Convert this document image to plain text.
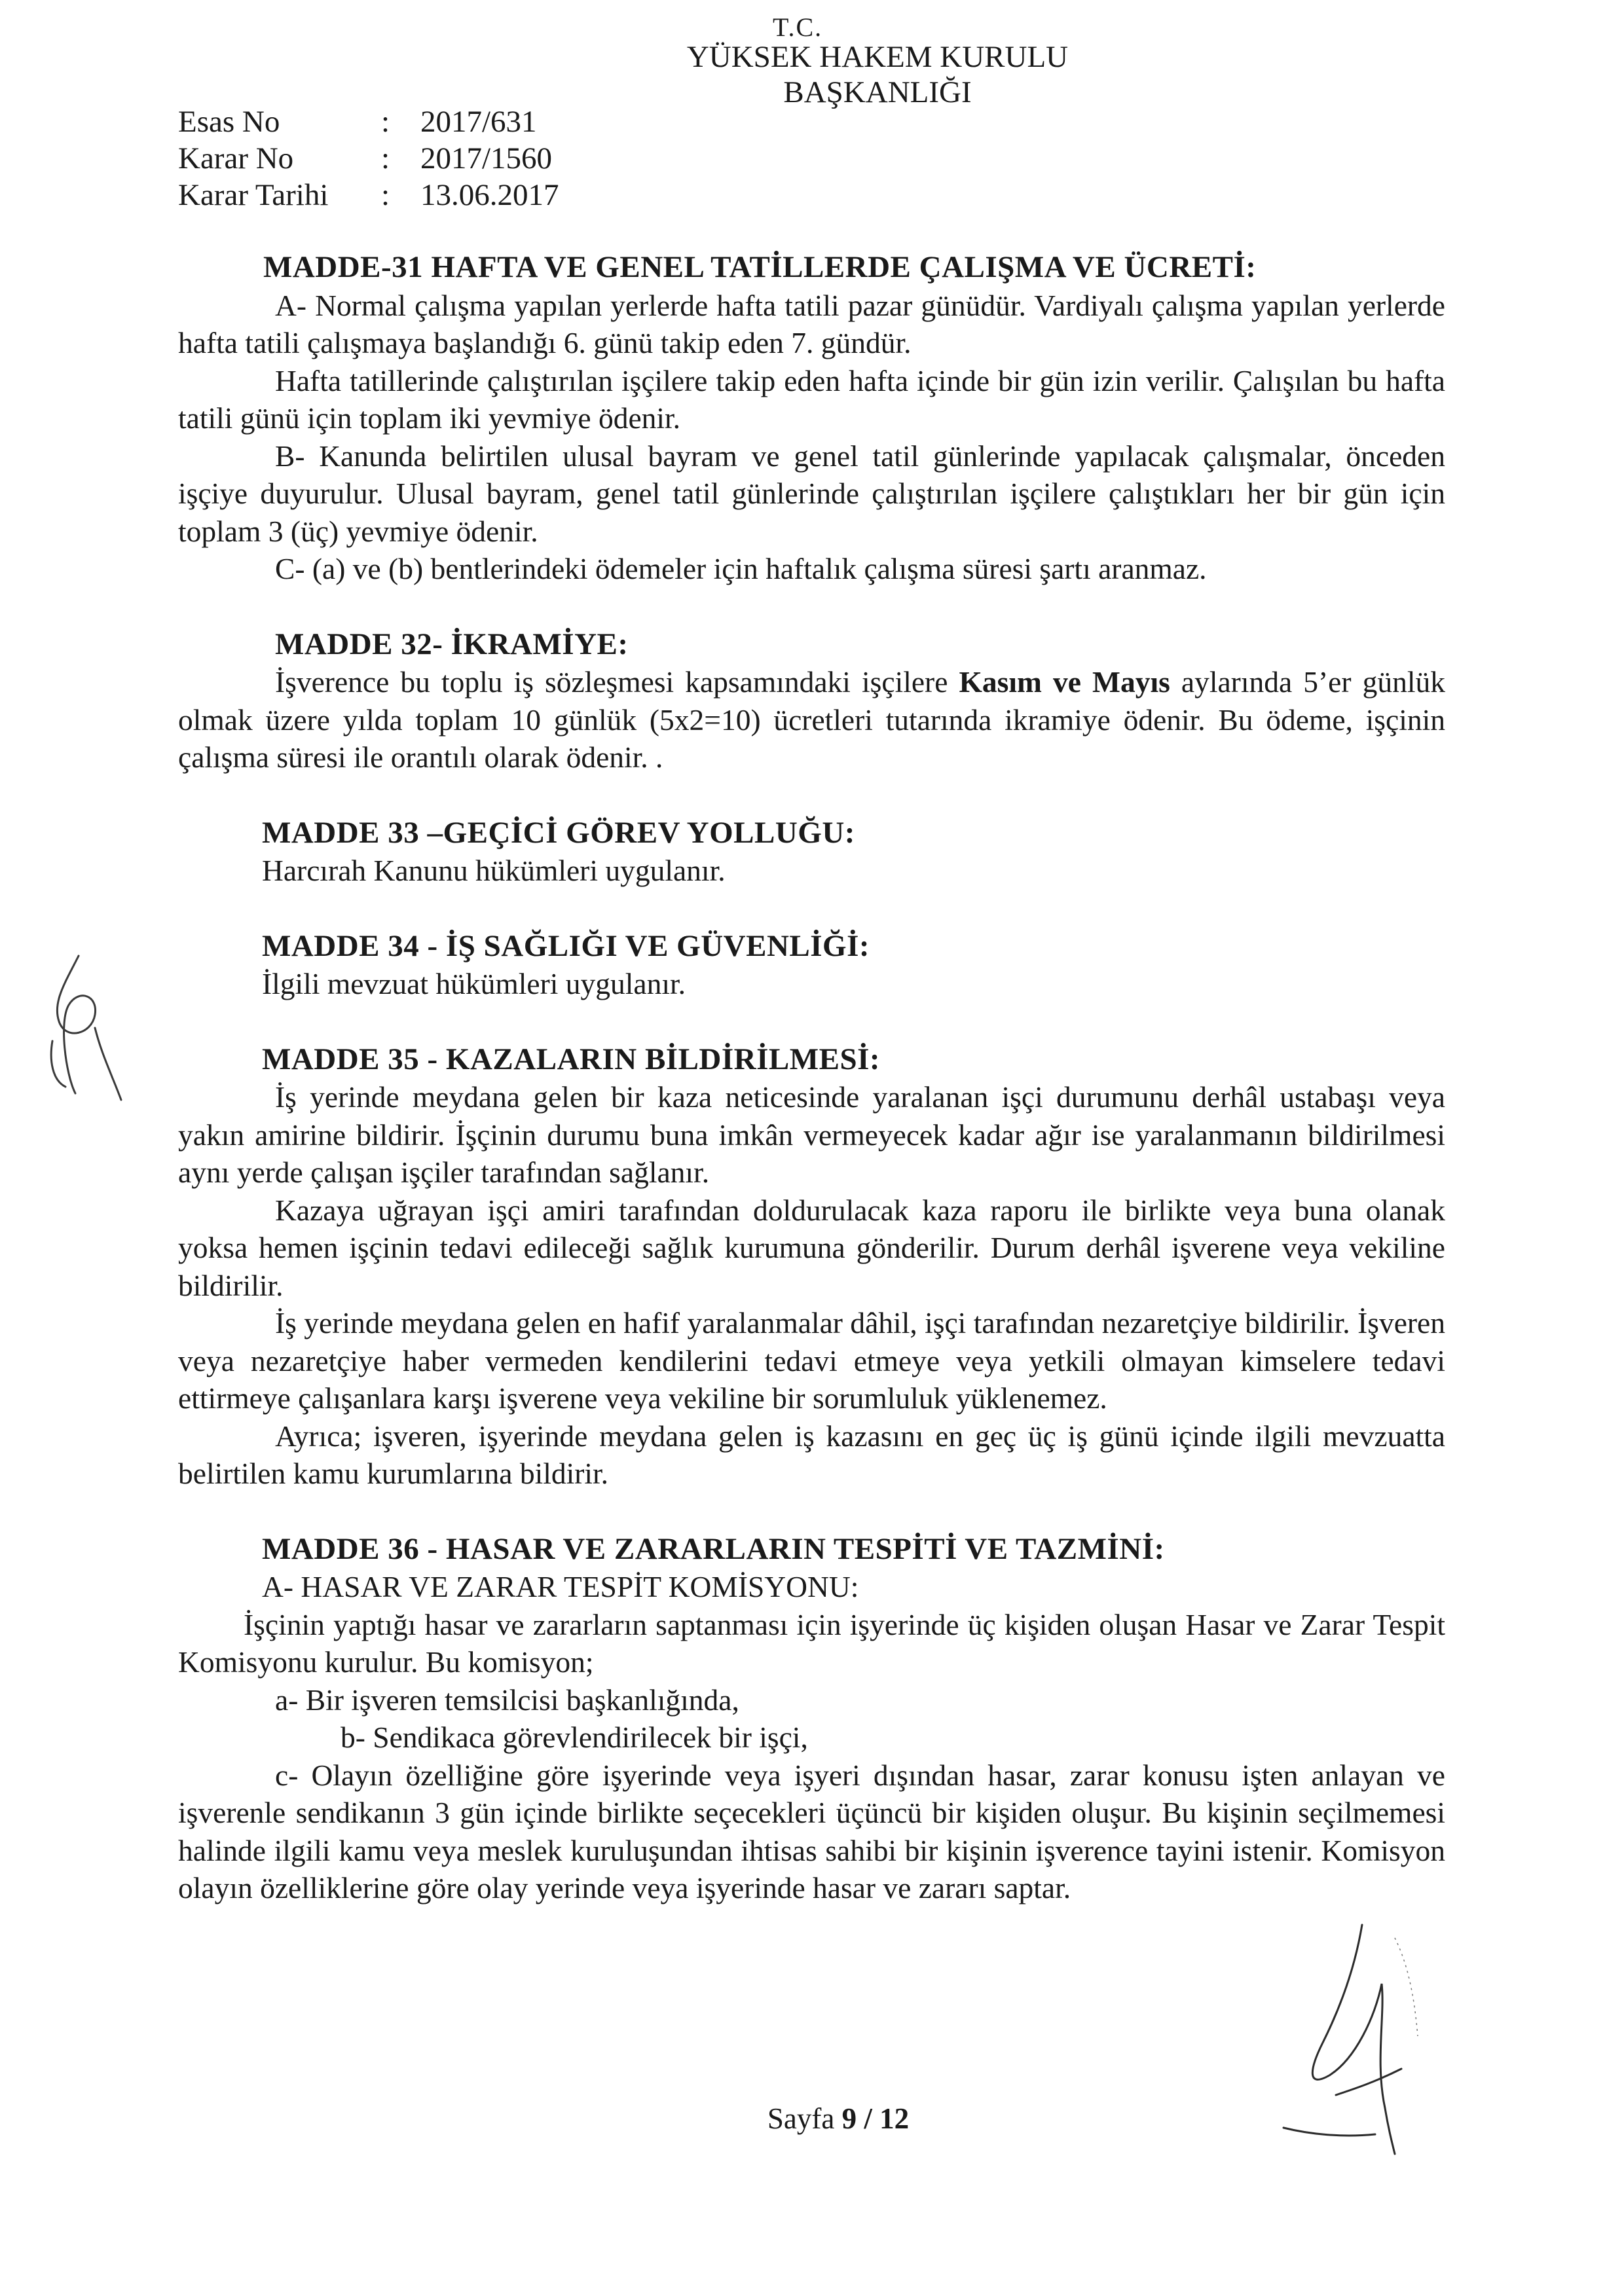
T.C.
YÜKSEK HAKEM KURULU
BAŞKANLIĞI
Esas No	: 2017/631
Karar No	: 2017/1560
Karar Tarihi	: 13.06.2017

MADDE-31 HAFTA VE GENEL TATİLLERDE ÇALIŞMA VE ÜCRETİ:

A- Normal çalışma yapılan yerlerde hafta tatili pazar günüdür. Vardiyalı çalışma yapılan yerlerde hafta tatili çalışmaya başlandığı 6. günü takip eden 7. gündür.

Hafta tatillerinde çalıştırılan işçilere takip eden hafta içinde bir gün izin verilir. Çalışılan bu hafta tatili günü için toplam iki yevmiye ödenir.

B- Kanunda belirtilen ulusal bayram ve genel tatil günlerinde yapılacak çalışmalar, önceden işçiye duyurulur. Ulusal bayram, genel tatil günlerinde çalıştırılan işçilere çalıştıkları her bir gün için toplam 3 (üç) yevmiye ödenir.

C- (a) ve (b) bentlerindeki ödemeler için haftalık çalışma süresi şartı aranmaz.

MADDE 32- İKRAMİYE:

İşverence bu toplu iş sözleşmesi kapsamındaki işçilere Kasım ve Mayıs aylarında 5’er günlük olmak üzere yılda toplam 10 günlük (5x2=10) ücretleri tutarında ikramiye ödenir. Bu ödeme, işçinin çalışma süresi ile orantılı olarak ödenir. .

MADDE 33 –GEÇİCİ GÖREV YOLLUĞU:

Harcırah Kanunu hükümleri uygulanır.

MADDE 34 - İŞ SAĞLIĞI VE GÜVENLİĞİ:

İlgili mevzuat hükümleri uygulanır.

MADDE 35 - KAZALARIN BİLDİRİLMESİ:

İş yerinde meydana gelen bir kaza neticesinde yaralanan işçi durumunu derhâl ustabaşı veya yakın amirine bildirir. İşçinin durumu buna imkân vermeyecek kadar ağır ise yaralanmanın bildirilmesi aynı yerde çalışan işçiler tarafından sağlanır.

Kazaya uğrayan işçi amiri tarafından doldurulacak kaza raporu ile birlikte veya buna olanak yoksa hemen işçinin tedavi edileceği sağlık kurumuna gönderilir. Durum derhâl işverene veya vekiline bildirilir.

İş yerinde meydana gelen en hafif yaralanmalar dâhil, işçi tarafından nezaretçiye bildirilir. İşveren veya nezaretçiye haber vermeden kendilerini tedavi etmeye veya yetkili olmayan kimselere tedavi ettirmeye çalışanlara karşı işverene veya vekiline bir sorumluluk yüklenemez.

Ayrıca; işveren, işyerinde meydana gelen iş kazasını en geç üç iş günü içinde ilgili mevzuatta belirtilen kamu kurumlarına bildirir.

MADDE 36 - HASAR VE ZARARLARIN TESPİTİ VE TAZMİNİ:

A- HASAR VE ZARAR TESPİT KOMİSYONU:

İşçinin yaptığı hasar ve zararların saptanması için işyerinde üç kişiden oluşan Hasar ve Zarar Tespit Komisyonu kurulur. Bu komisyon;

a- Bir işveren temsilcisi başkanlığında,

b- Sendikaca görevlendirilecek bir işçi,

c- Olayın özelliğine göre işyerinde veya işyeri dışından hasar, zarar konusu işten anlayan ve işverenle sendikanın 3 gün içinde birlikte seçecekleri üçüncü bir kişiden oluşur. Bu kişinin seçilmemesi halinde ilgili kamu veya meslek kuruluşundan ihtisas sahibi bir kişinin işverence tayini istenir. Komisyon olayın özelliklerine göre olay yerinde veya işyerinde hasar ve zararı saptar.

Sayfa 9 / 12
